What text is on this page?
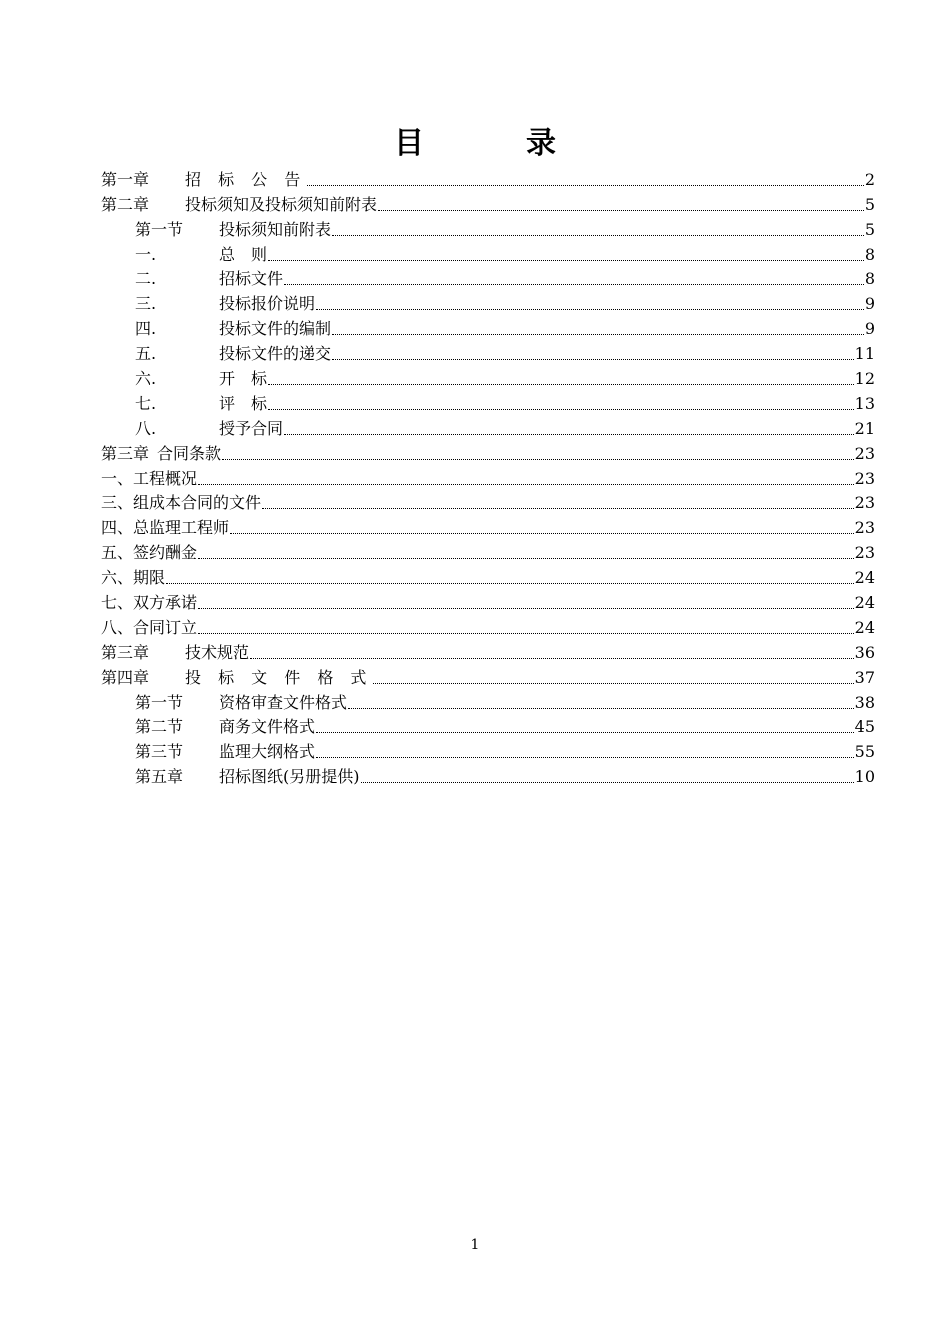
目　录
第一章	招 标 公 告	2
第二章	投标须知及投标须知前附表	5
第一节	投标须知前附表	5
一.	总　则	8
二.	招标文件	8
三.	投标报价说明	9
四.	投标文件的编制	9
五.	投标文件的递交	11
六.	开　标	12
七.	评　标	13
八.	授予合同	21
第三章 合同条款	23
一、工程概况	23
三、组成本合同的文件	23
四、总监理工程师	23
五、签约酬金	23
六、期限	24
七、双方承诺	24
八、合同订立	24
第三章	技术规范	36
第四章	投 标 文 件 格 式	37
第一节	资格审查文件格式	38
第二节	商务文件格式	45
第三节	监理大纲格式	55
第五章	招标图纸(另册提供)	10
1
